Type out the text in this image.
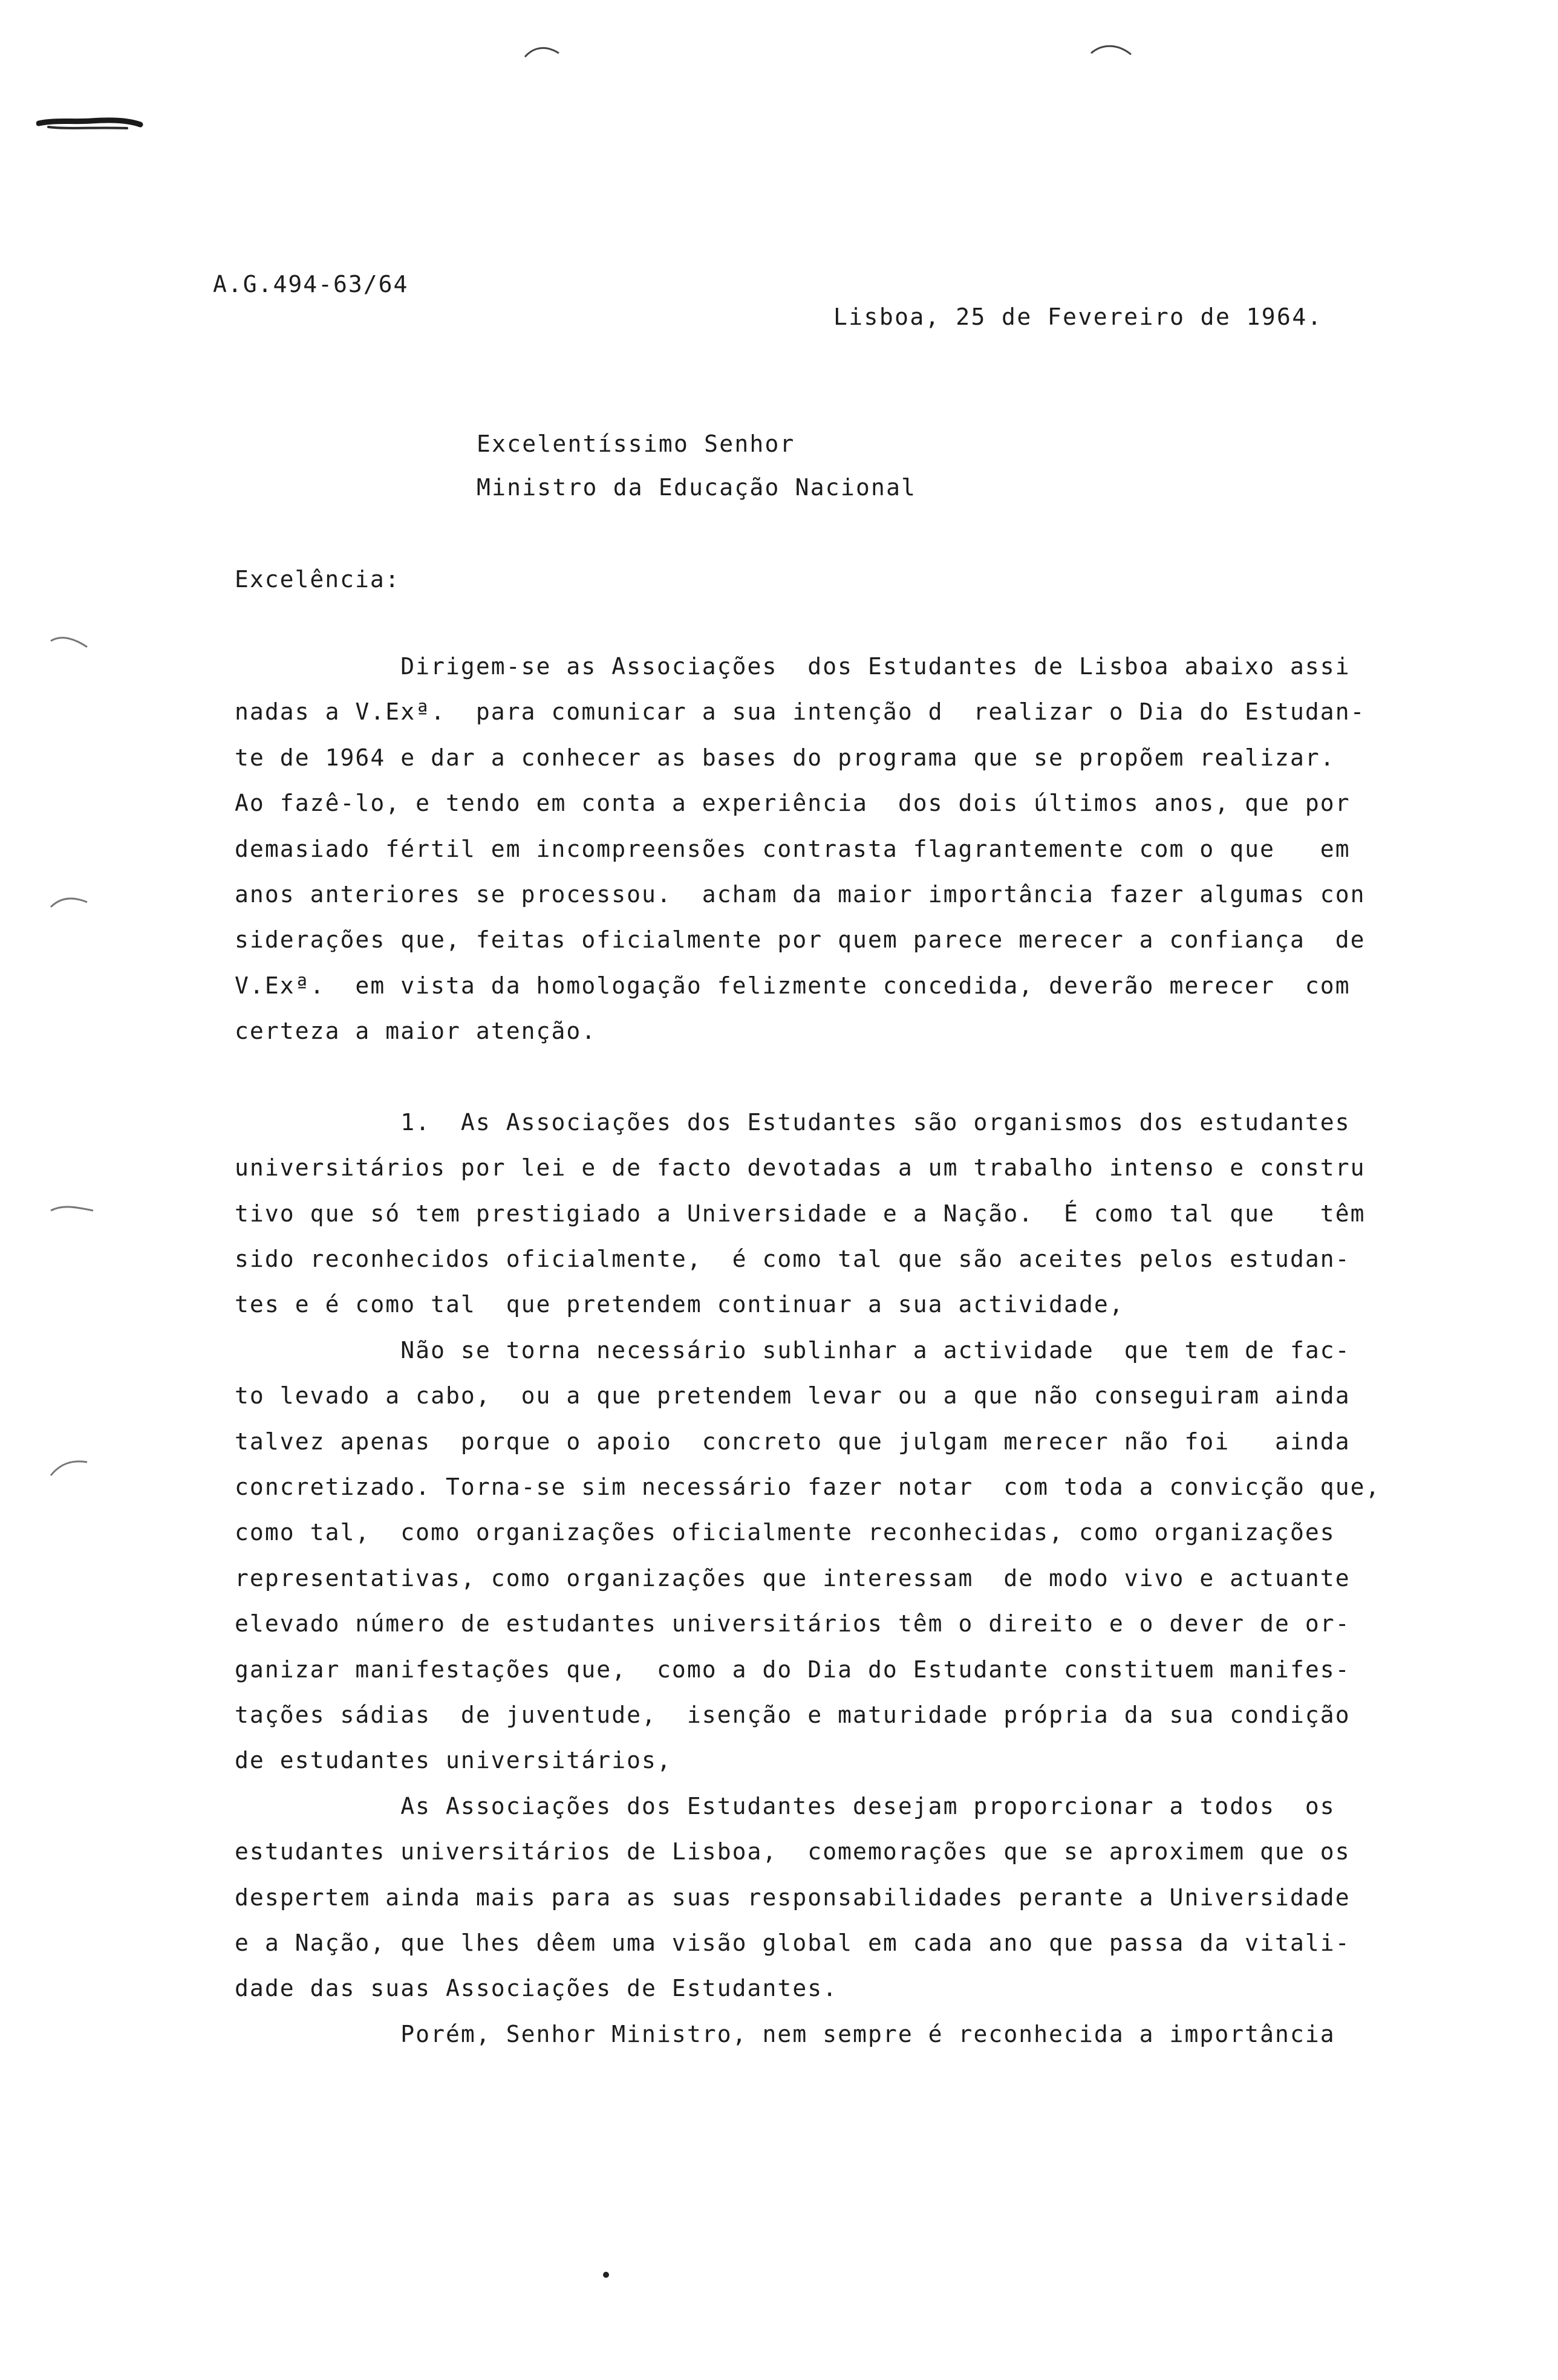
A.G.494-63/64

Lisboa, 25 de Fevereiro de 1964.

Excelentíssimo Senhor

Ministro da Educação Nacional

Excelência:

Dirigem-se as Associações  dos Estudantes de Lisboa abaixo assi
nadas a V.Exª.  para comunicar a sua intenção d  realizar o Dia do Estudan-
te de 1964 e dar a conhecer as bases do programa que se propõem realizar.
Ao fazê-lo, e tendo em conta a experiência  dos dois últimos anos, que por
demasiado fértil em incompreensões contrasta flagrantemente com o que   em
anos anteriores se processou.  acham da maior importância fazer algumas con
siderações que, feitas oficialmente por quem parece merecer a confiança  de
V.Exª.  em vista da homologação felizmente concedida, deverão merecer  com
certeza a maior atenção.
1.  As Associações dos Estudantes são organismos dos estudantes
universitários por lei e de facto devotadas a um trabalho intenso e constru
tivo que só tem prestigiado a Universidade e a Nação.  É como tal que   têm
sido reconhecidos oficialmente,  é como tal que são aceites pelos estudan-
tes e é como tal  que pretendem continuar a sua actividade,
Não se torna necessário sublinhar a actividade  que tem de fac-
to levado a cabo,  ou a que pretendem levar ou a que não conseguiram ainda
talvez apenas  porque o apoio  concreto que julgam merecer não foi   ainda
concretizado. Torna-se sim necessário fazer notar  com toda a convicção que,
como tal,  como organizações oficialmente reconhecidas, como organizações
representativas, como organizações que interessam  de modo vivo e actuante
elevado número de estudantes universitários têm o direito e o dever de or-
ganizar manifestações que,  como a do Dia do Estudante constituem manifes-
tações sádias  de juventude,  isenção e maturidade própria da sua condição
de estudantes universitários,
As Associações dos Estudantes desejam proporcionar a todos  os
estudantes universitários de Lisboa,  comemorações que se aproximem que os
despertem ainda mais para as suas responsabilidades perante a Universidade
e a Nação, que lhes dêem uma visão global em cada ano que passa da vitali-
dade das suas Associações de Estudantes.
Porém, Senhor Ministro, nem sempre é reconhecida a importância
